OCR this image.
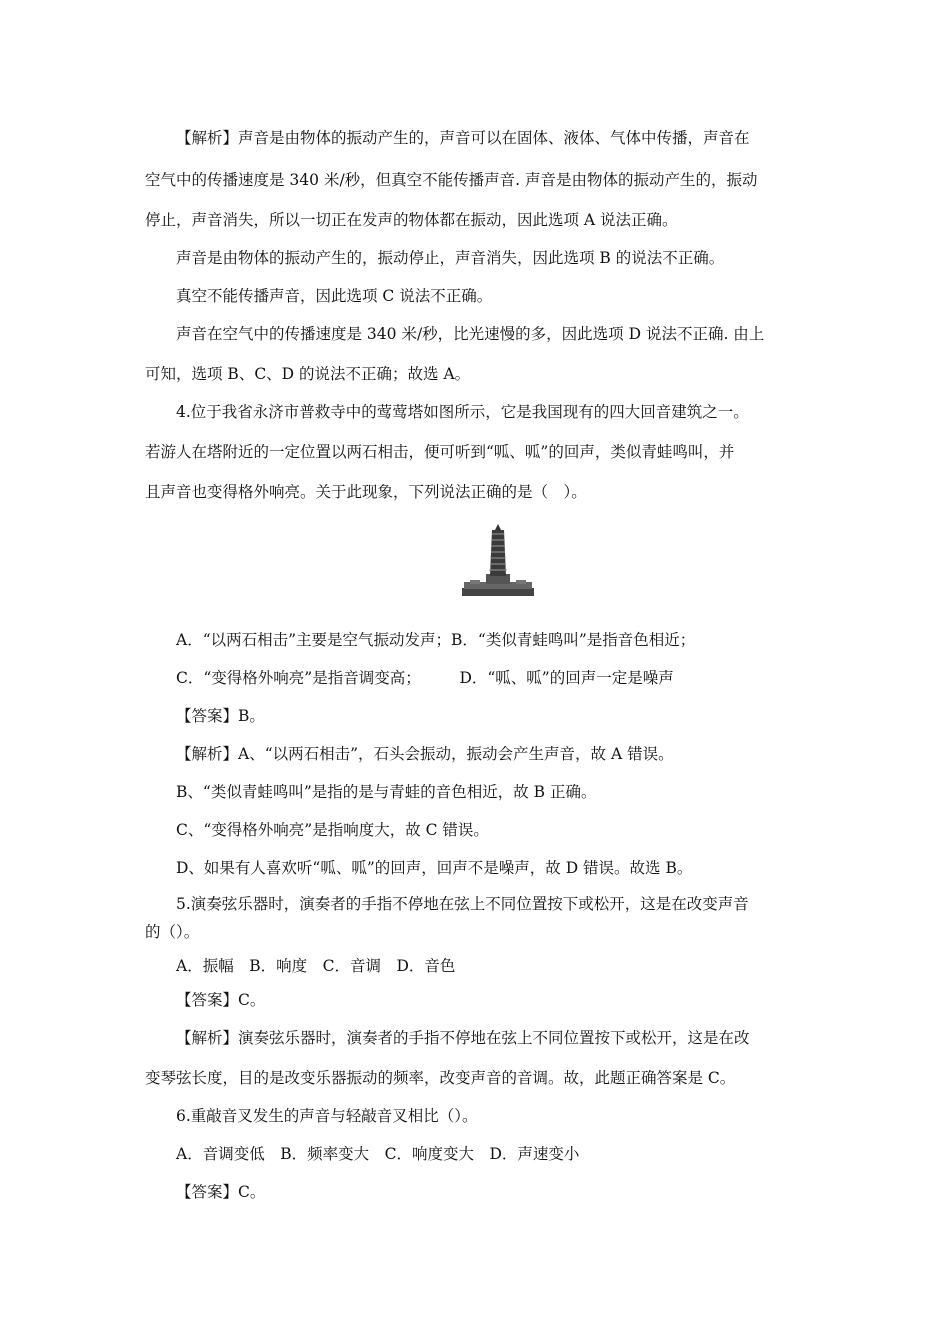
【解析】声音是由物体的振动产生的，声音可以在固体、液体、气体中传播，声音在

空气中的传播速度是 340 米/秒，但真空不能传播声音. 声音是由物体的振动产生的，振动

停止，声音消失，所以一切正在发声的物体都在振动，因此选项 A 说法正确。

声音是由物体的振动产生的，振动停止，声音消失，因此选项 B 的说法不正确。

真空不能传播声音，因此选项 C 说法不正确。

声音在空气中的传播速度是 340 米/秒，比光速慢的多，因此选项 D 说法不正确. 由上

可知，选项 B、C、D 的说法不正确；故选 A。

4.位于我省永济市普救寺中的莺莺塔如图所示，它是我国现有的四大回音建筑之一。

若游人在塔附近的一定位置以两石相击，便可听到“呱、呱”的回声，类似青蛙鸣叫，并

且声音也变得格外响亮。关于此现象，下列说法正确的是（　）。

A．“以两石相击”主要是空气振动发声；B．“类似青蛙鸣叫”是指音色相近；

C．“变得格外响亮”是指音调变高；　　　D．“呱、呱”的回声一定是噪声

【答案】B。

【解析】A、“以两石相击”，石头会振动，振动会产生声音，故 A 错误。

B、“类似青蛙鸣叫”是指的是与青蛙的音色相近，故 B 正确。

C、“变得格外响亮”是指响度大，故 C 错误。

D、如果有人喜欢听“呱、呱”的回声，回声不是噪声，故 D 错误。故选 B。

5.演奏弦乐器时，演奏者的手指不停地在弦上不同位置按下或松开，这是在改变声音

的（）。

A．振幅　B．响度　C．音调　D．音色

【答案】C。

【解析】演奏弦乐器时，演奏者的手指不停地在弦上不同位置按下或松开，这是在改

变琴弦长度，目的是改变乐器振动的频率，改变声音的音调。故，此题正确答案是 C。

6.重敲音叉发生的声音与轻敲音叉相比（）。

A．音调变低　B．频率变大　C．响度变大　D．声速变小

【答案】C。
